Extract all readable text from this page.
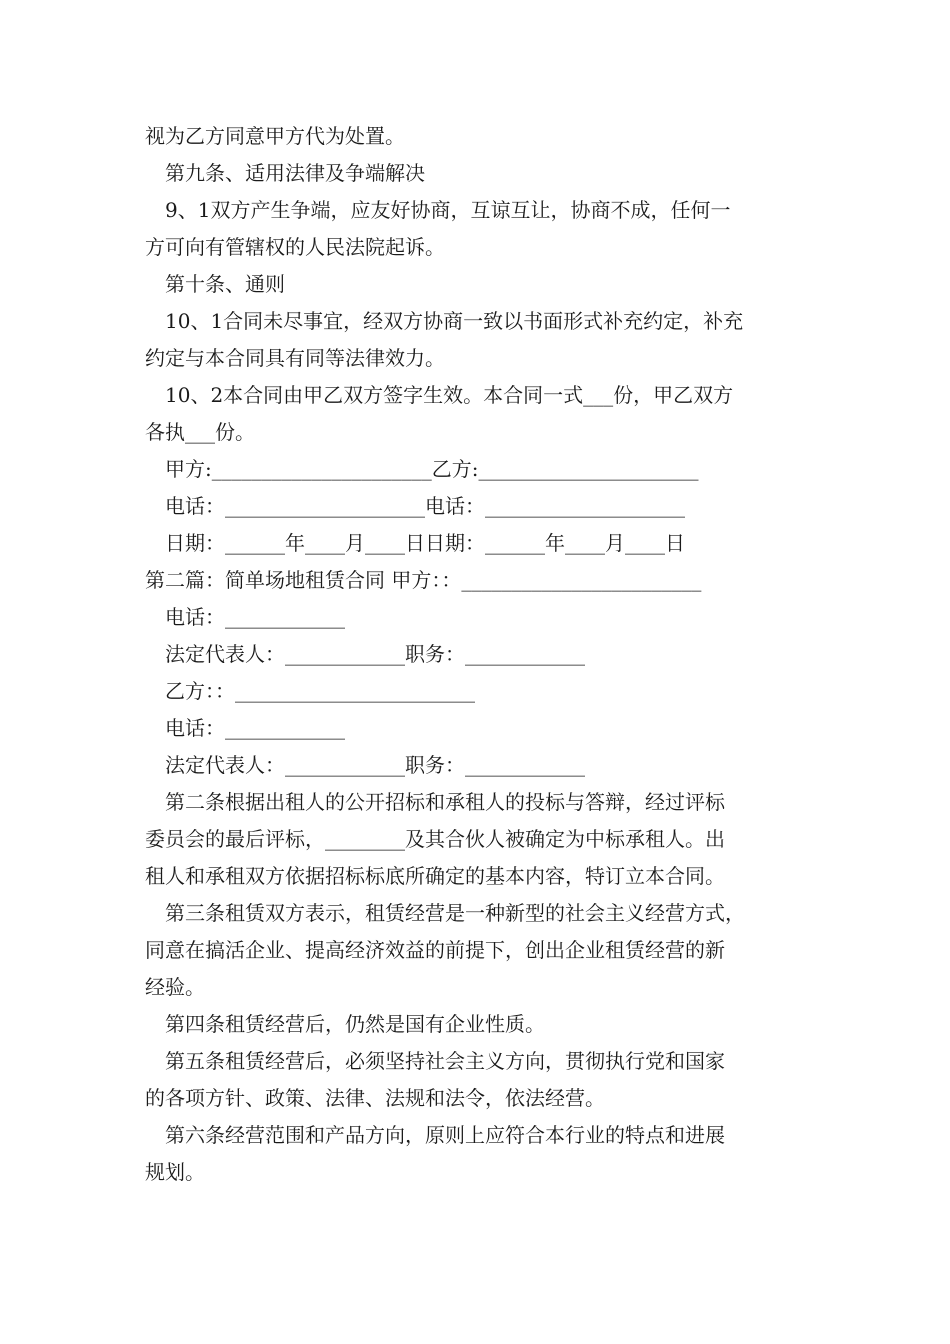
视为乙方同意甲方代为处置。

第九条、适用法律及争端解决

9、1双方产生争端，应友好协商，互谅互让，协商不成，任何一

方可向有管辖权的人民法院起诉。

第十条、通则

10、1合同未尽事宜，经双方协商一致以书面形式补充约定，补充

约定与本合同具有同等法律效力。

10、2本合同由甲乙双方签字生效。本合同一式___份，甲乙双方

各执___份。

甲方:______________________乙方:______________________

电话：____________________电话：____________________

日期：______年____月____日日期：______年____月____日

第二篇：简单场地租赁合同 甲方：：________________________

电话：____________

法定代表人：____________职务：____________

乙方：：________________________

电话：____________

法定代表人：____________职务：____________

第二条根据出租人的公开招标和承租人的投标与答辩，经过评标

委员会的最后评标，________及其合伙人被确定为中标承租人。出

租人和承租双方依据招标标底所确定的基本内容，特订立本合同。

第三条租赁双方表示，租赁经营是一种新型的社会主义经营方式，

同意在搞活企业、提高经济效益的前提下，创出企业租赁经营的新

经验。

第四条租赁经营后，仍然是国有企业性质。

第五条租赁经营后，必须坚持社会主义方向，贯彻执行党和国家

的各项方针、政策、法律、法规和法令，依法经营。

第六条经营范围和产品方向，原则上应符合本行业的特点和进展

规划。
